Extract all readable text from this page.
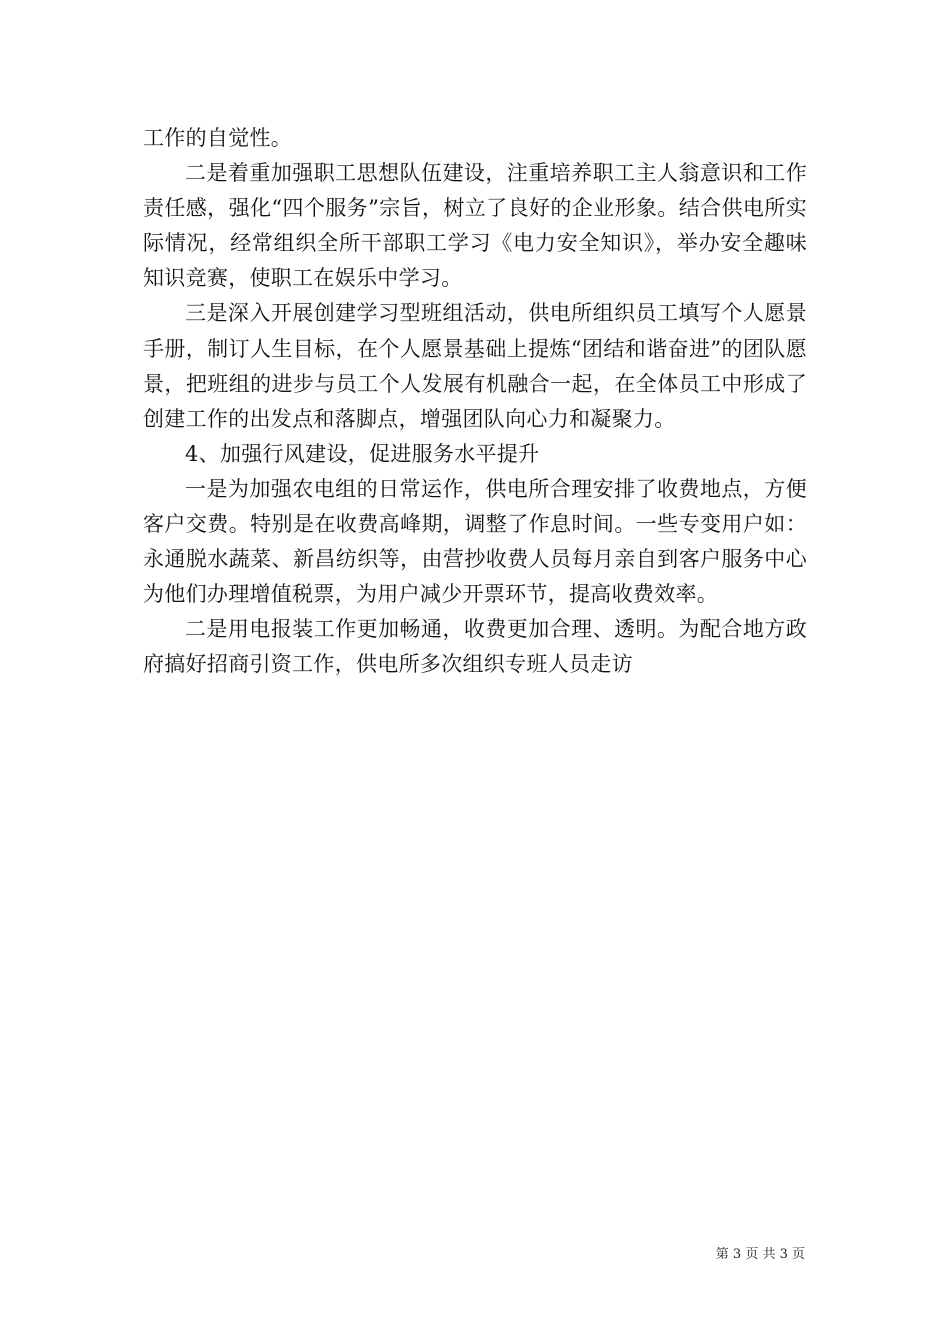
工作的自觉性。

二是着重加强职工思想队伍建设，注重培养职工主人翁意识和工作责任感，强化“四个服务”宗旨，树立了良好的企业形象。结合供电所实际情况，经常组织全所干部职工学习《电力安全知识》，举办安全趣味知识竞赛，使职工在娱乐中学习。

三是深入开展创建学习型班组活动，供电所组织员工填写个人愿景手册，制订人生目标，在个人愿景基础上提炼“团结和谐奋进”的团队愿景，把班组的进步与员工个人发展有机融合一起，在全体员工中形成了创建工作的出发点和落脚点，增强团队向心力和凝聚力。

4、加强行风建设，促进服务水平提升

一是为加强农电组的日常运作，供电所合理安排了收费地点，方便客户交费。特别是在收费高峰期，调整了作息时间。一些专变用户如：永通脱水蔬菜、新昌纺织等，由营抄收费人员每月亲自到客户服务中心为他们办理增值税票，为用户减少开票环节，提高收费效率。

二是用电报装工作更加畅通，收费更加合理、透明。为配合地方政府搞好招商引资工作，供电所多次组织专班人员走访

第 3 页 共 3 页
